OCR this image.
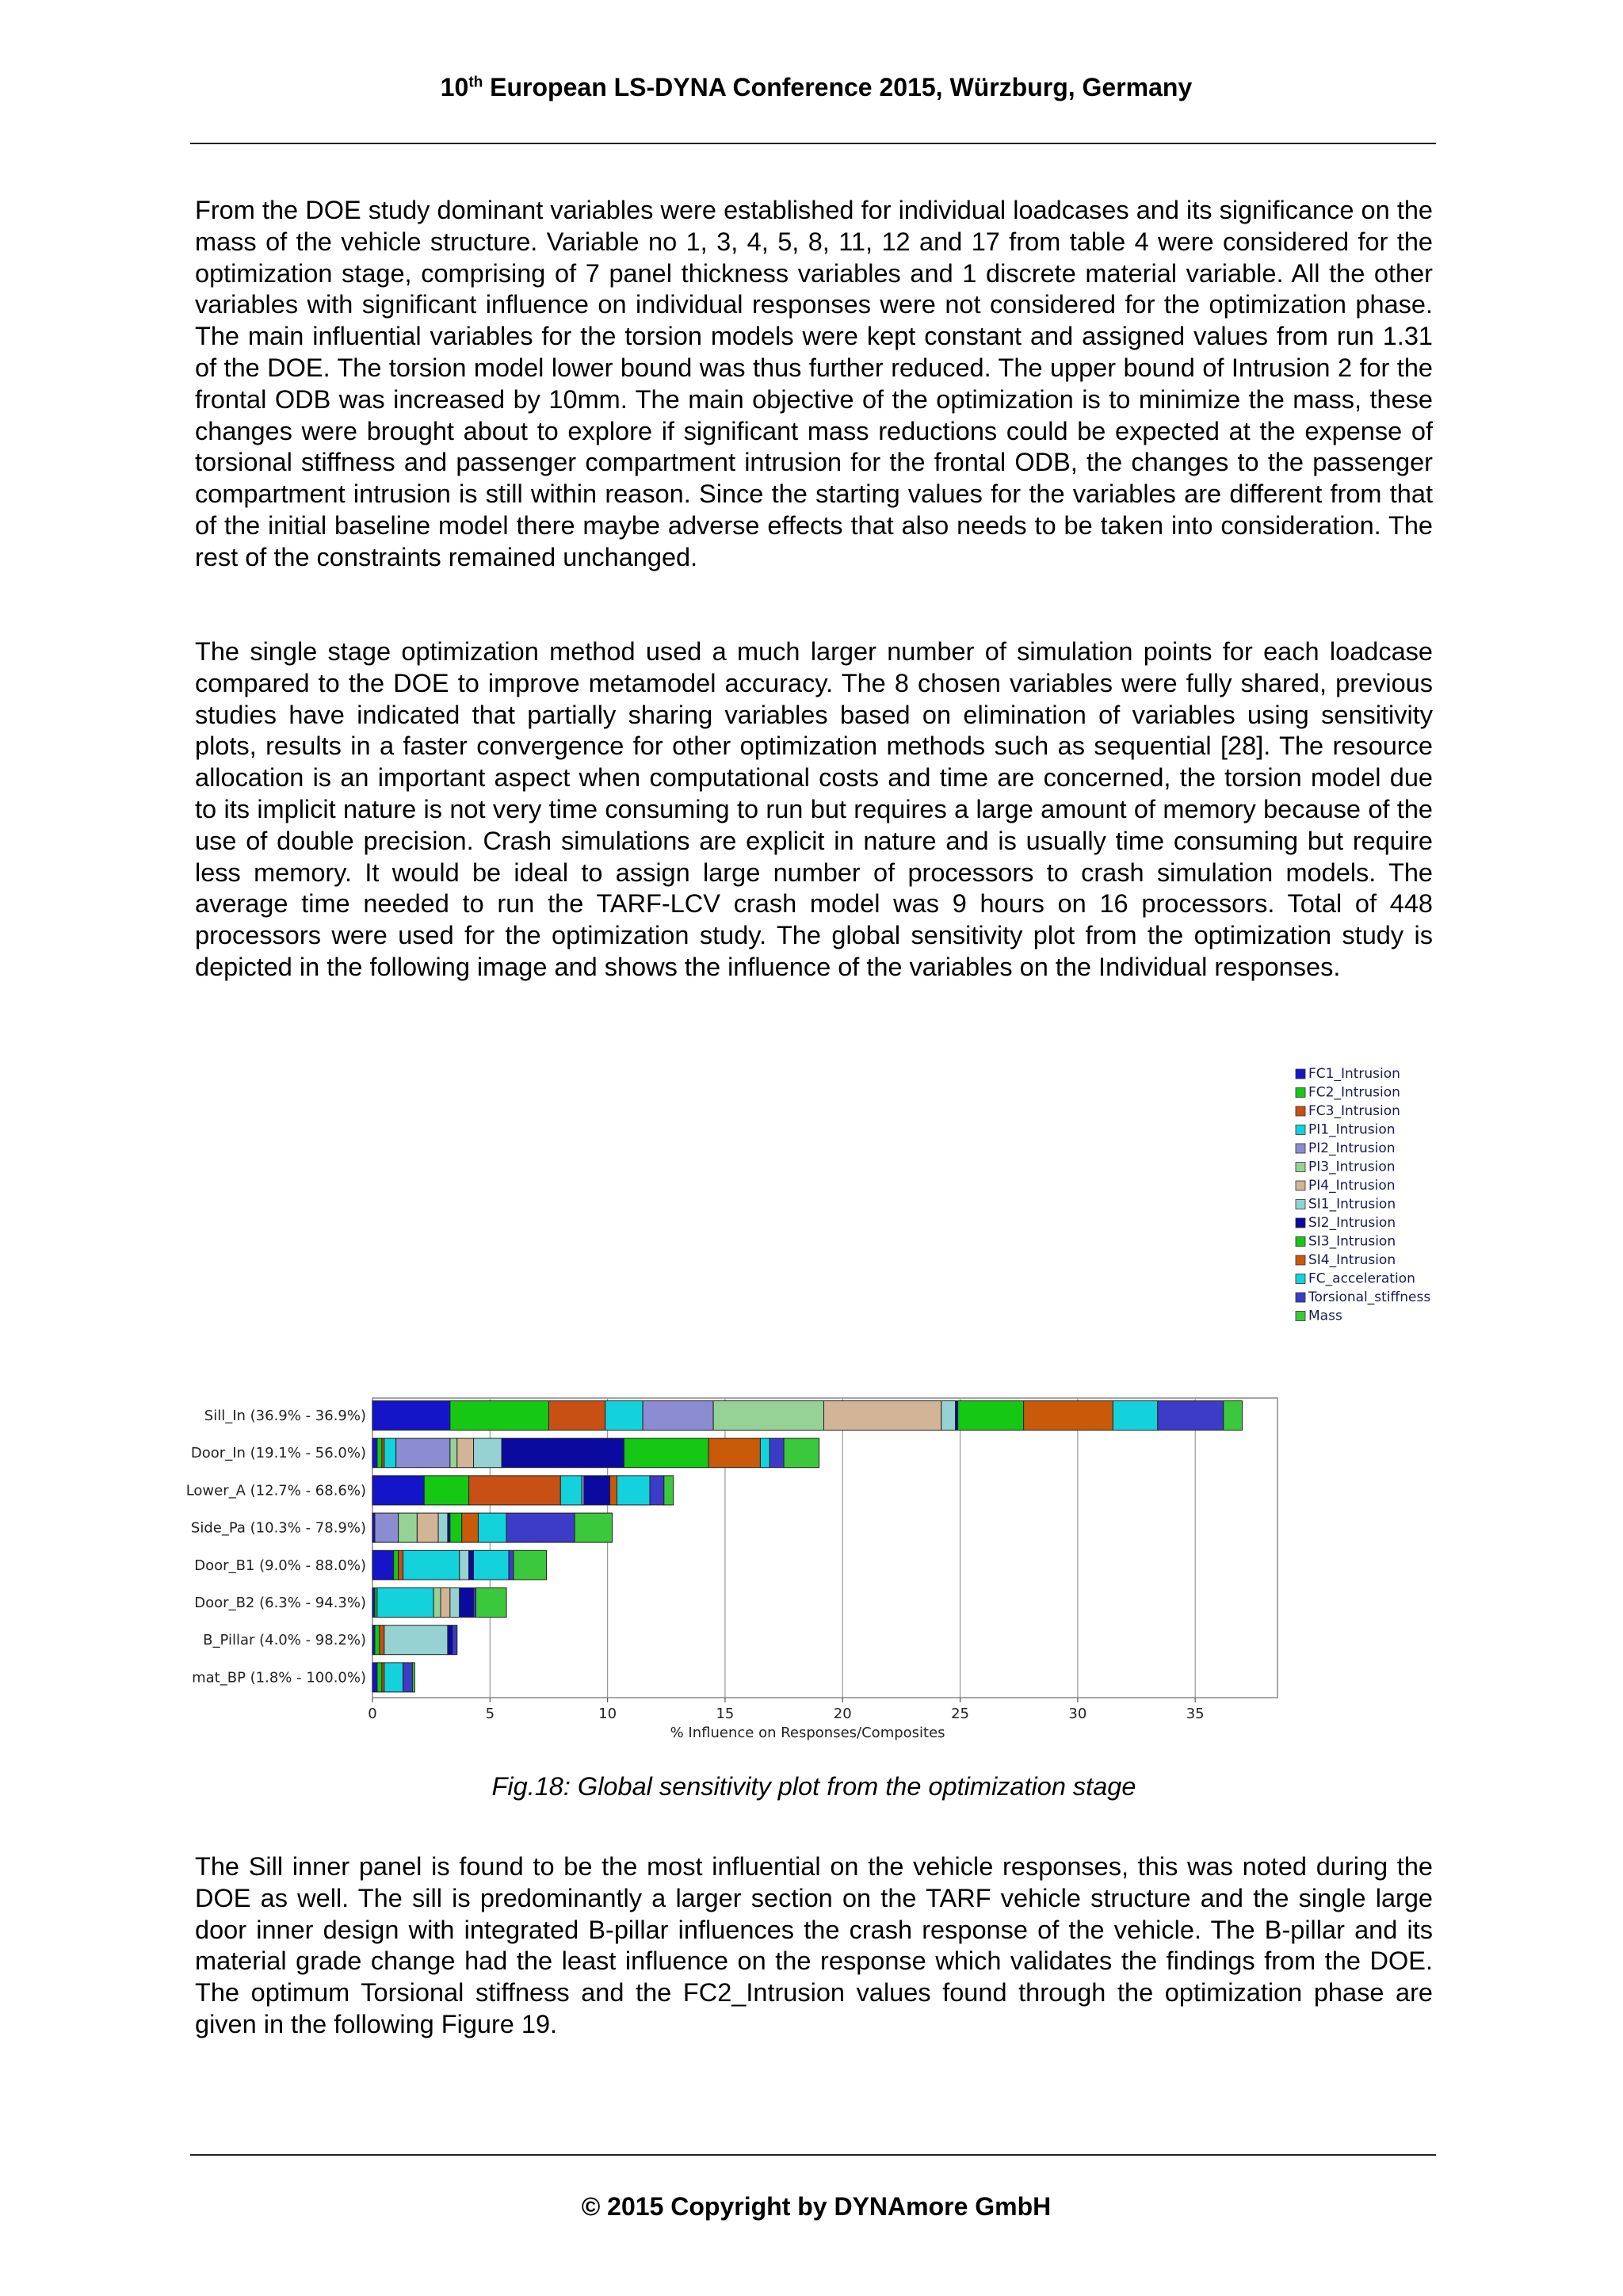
10th European LS-DYNA Conference 2015, Würzburg, Germany

From the DOE study dominant variables were established for individual loadcases and its significance on the mass of the vehicle structure. Variable no 1, 3, 4, 5, 8, 11, 12 and 17 from table 4 were considered for the optimization stage, comprising of 7 panel thickness variables and 1 discrete material variable. All the other variables with significant influence on individual responses were not considered for the optimization phase. The main influential variables for the torsion models were kept constant and assigned values from run 1.31 of the DOE. The torsion model lower bound was thus further reduced. The upper bound of Intrusion 2 for the frontal ODB was increased by 10mm. The main objective of the optimization is to minimize the mass, these changes were brought about to explore if significant mass reductions could be expected at the expense of torsional stiffness and passenger compartment intrusion for the frontal ODB, the changes to the passenger compartment intrusion is still within reason. Since the starting values for the variables are different from that of the initial baseline model there maybe adverse effects that also needs to be taken into consideration. The rest of the constraints remained unchanged.

The single stage optimization method used a much larger number of simulation points for each loadcase compared to the DOE to improve metamodel accuracy. The 8 chosen variables were fully shared, previous studies have indicated that partially sharing variables based on elimination of variables using sensitivity plots, results in a faster convergence for other optimization methods such as sequential [28]. The resource allocation is an important aspect when computational costs and time are concerned, the torsion model due to its implicit nature is not very time consuming to run but requires a large amount of memory because of the use of double precision. Crash simulations are explicit in nature and is usually time consuming but require less memory. It would be ideal to assign large number of processors to crash simulation models. The average time needed to run the TARF-LCV crash model was 9 hours on 16 processors. Total of 448 processors were used for the optimization study. The global sensitivity plot from the optimization study is depicted in the following image and shows the influence of the variables on the Individual responses.

FC1_Intrusion
FC2_Intrusion
FC3_Intrusion
PI1_Intrusion
PI2_Intrusion
PI3_Intrusion
PI4_Intrusion
SI1_Intrusion
SI2_Intrusion
SI3_Intrusion
SI4_Intrusion
FC_acceleration
Torsional_stiffness
Mass
0	5	10	15	20	25	30	35
% Influence on Responses/Composites
Sill_In (36.9% - 36.9%)
Door_In (19.1% - 56.0%)
Lower_A (12.7% - 68.6%)
Side_Pa (10.3% - 78.9%)
Door_B1 (9.0% - 88.0%)
Door_B2 (6.3% - 94.3%)
B_Pillar (4.0% - 98.2%)
mat_BP (1.8% - 100.0%)
Fig.18: Global sensitivity plot from the optimization stage

The Sill inner panel is found to be the most influential on the vehicle responses, this was noted during the DOE as well. The sill is predominantly a larger section on the TARF vehicle structure and the single large door inner design with integrated B-pillar influences the crash response of the vehicle. The B-pillar and its material grade change had the least influence on the response which validates the findings from the DOE. The optimum Torsional stiffness and the FC2_Intrusion values found through the optimization phase are given in the following Figure 19.

© 2015 Copyright by DYNAmore GmbH
